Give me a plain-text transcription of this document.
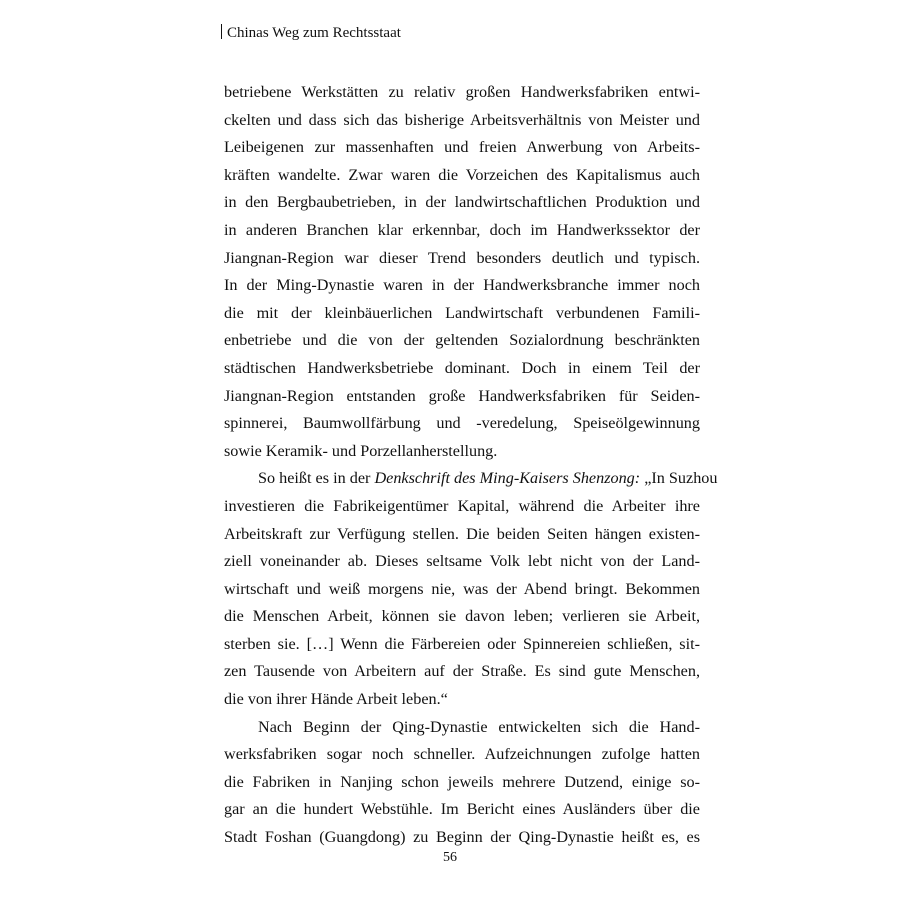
Chinas Weg zum Rechtsstaat

betriebene Werkstätten zu relativ großen Handwerksfabriken entwi-
ckelten und dass sich das bisherige Arbeitsverhältnis von Meister und
Leibeigenen zur massenhaften und freien Anwerbung von Arbeits-
kräften wandelte. Zwar waren die Vorzeichen des Kapitalismus auch
in den Bergbaubetrieben, in der landwirtschaftlichen Produktion und
in anderen Branchen klar erkennbar, doch im Handwerkssektor der
Jiangnan-Region war dieser Trend besonders deutlich und typisch.
In der Ming-Dynastie waren in der Handwerksbranche immer noch
die mit der kleinbäuerlichen Landwirtschaft verbundenen Famili-
enbetriebe und die von der geltenden Sozialordnung beschränkten
städtischen Handwerksbetriebe dominant. Doch in einem Teil der
Jiangnan-Region entstanden große Handwerksfabriken für Seiden-
spinnerei, Baumwollfärbung und -veredelung, Speiseölgewinnung
sowie Keramik- und Porzellanherstellung.

So heißt es in der Denkschrift des Ming-Kaisers Shenzong: „In Suzhou
investieren die Fabrikeigentümer Kapital, während die Arbeiter ihre
Arbeitskraft zur Verfügung stellen. Die beiden Seiten hängen existen-
ziell voneinander ab. Dieses seltsame Volk lebt nicht von der Land-
wirtschaft und weiß morgens nie, was der Abend bringt. Bekommen
die Menschen Arbeit, können sie davon leben; verlieren sie Arbeit,
sterben sie. […] Wenn die Färbereien oder Spinnereien schließen, sit-
zen Tausende von Arbeitern auf der Straße. Es sind gute Menschen,
die von ihrer Hände Arbeit leben.“

Nach Beginn der Qing-Dynastie entwickelten sich die Hand-
werksfabriken sogar noch schneller. Aufzeichnungen zufolge hatten
die Fabriken in Nanjing schon jeweils mehrere Dutzend, einige so-
gar an die hundert Webstühle. Im Bericht eines Ausländers über die
Stadt Foshan (Guangdong) zu Beginn der Qing-Dynastie heißt es, es

56
